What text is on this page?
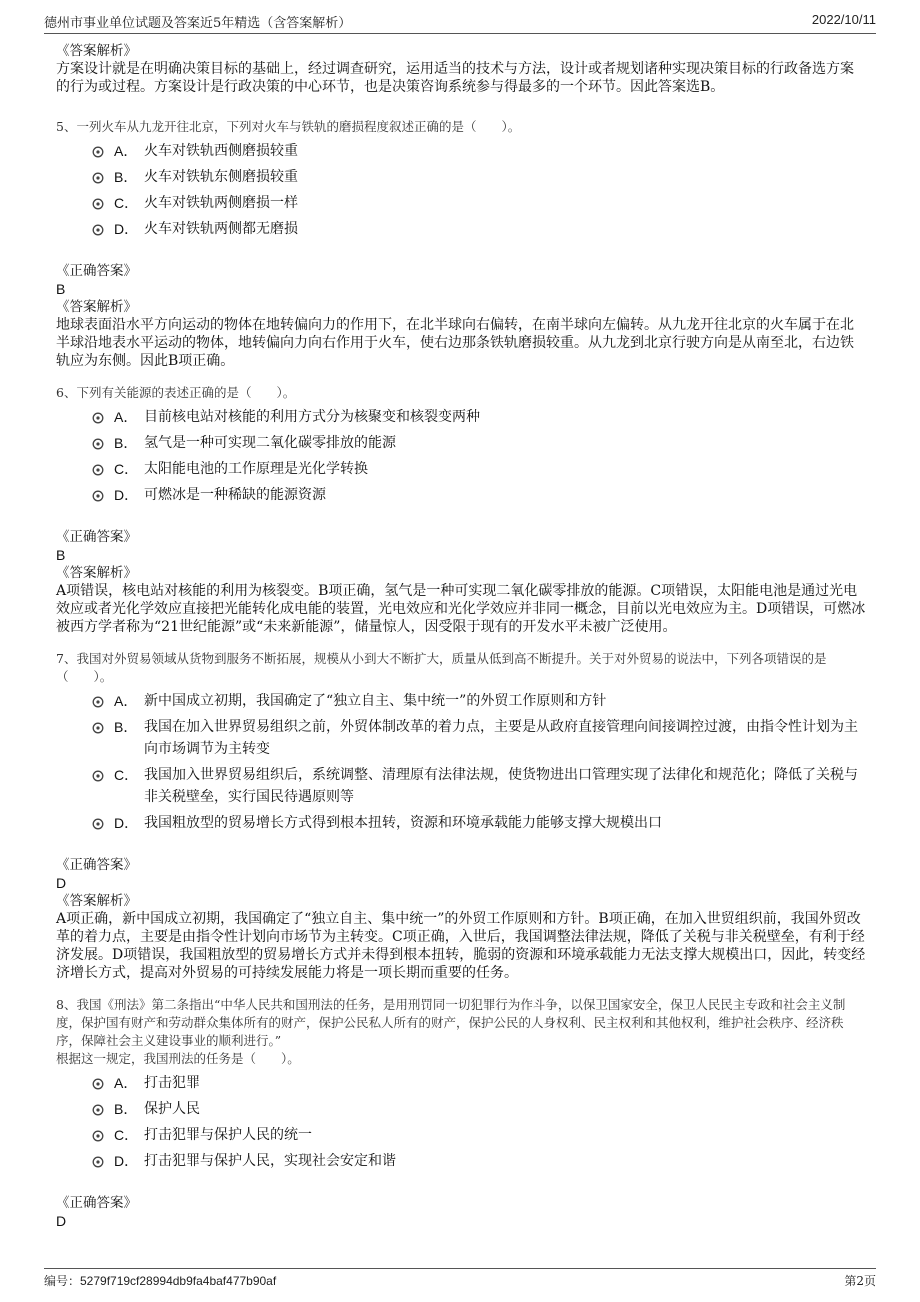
德州市事业单位试题及答案近5年精选（含答案解析）	2022/10/11
《答案解析》

方案设计就是在明确决策目标的基础上，经过调查研究，运用适当的技术与方法，设计或者规划诸种实现决策目标的行政备选方案的行为或过程。方案设计是行政决策的中心环节，也是决策咨询系统参与得最多的一个环节。因此答案选B。

5、一列火车从九龙开往北京，下列对火车与铁轨的磨损程度叙述正确的是（　　）。
A． 火车对铁轨西侧磨损较重
B． 火车对铁轨东侧磨损较重
C． 火车对铁轨两侧磨损一样
D． 火车对铁轨两侧都无磨损
《正确答案》
B
《答案解析》

地球表面沿水平方向运动的物体在地转偏向力的作用下，在北半球向右偏转，在南半球向左偏转。从九龙开往北京的火车属于在北半球沿地表水平运动的物体，地转偏向力向右作用于火车，使右边那条铁轨磨损较重。从九龙到北京行驶方向是从南至北，右边铁轨应为东侧。因此B项正确。

6、下列有关能源的表述正确的是（　　）。
A． 目前核电站对核能的利用方式分为核聚变和核裂变两种
B． 氢气是一种可实现二氧化碳零排放的能源
C． 太阳能电池的工作原理是光化学转换
D． 可燃冰是一种稀缺的能源资源
《正确答案》
B
《答案解析》

A项错误，核电站对核能的利用为核裂变。B项正确，氢气是一种可实现二氧化碳零排放的能源。C项错误，太阳能电池是通过光电效应或者光化学效应直接把光能转化成电能的装置，光电效应和光化学效应并非同一概念，目前以光电效应为主。D项错误，可燃冰被西方学者称为“21世纪能源”或“未来新能源”，储量惊人，因受限于现有的开发水平未被广泛使用。

7、我国对外贸易领域从货物到服务不断拓展，规模从小到大不断扩大，质量从低到高不断提升。关于对外贸易的说法中，下列各项错误的是（　　）。
A． 新中国成立初期，我国确定了“独立自主、集中统一”的外贸工作原则和方针
B． 我国在加入世界贸易组织之前，外贸体制改革的着力点，主要是从政府直接管理向间接调控过渡，由指令性计划为主向市场调节为主转变
C． 我国加入世界贸易组织后，系统调整、清理原有法律法规，使货物进出口管理实现了法律化和规范化；降低了关税与非关税壁垒，实行国民待遇原则等
D． 我国粗放型的贸易增长方式得到根本扭转，资源和环境承载能力能够支撑大规模出口
《正确答案》
D
《答案解析》

A项正确，新中国成立初期，我国确定了“独立自主、集中统一”的外贸工作原则和方针。B项正确，在加入世贸组织前，我国外贸改革的着力点，主要是由指令性计划向市场节为主转变。C项正确，入世后，我国调整法律法规，降低了关税与非关税壁垒，有利于经济发展。D项错误，我国粗放型的贸易增长方式并未得到根本扭转，脆弱的资源和环境承载能力无法支撑大规模出口，因此，转变经济增长方式，提高对外贸易的可持续发展能力将是一项长期而重要的任务。

8、我国《刑法》第二条指出“中华人民共和国刑法的任务，是用刑罚同一切犯罪行为作斗争，以保卫国家安全，保卫人民民主专政和社会主义制度，保护国有财产和劳动群众集体所有的财产，保护公民私人所有的财产，保护公民的人身权利、民主权利和其他权利，维护社会秩序、经济秩序，保障社会主义建设事业的顺利进行。”
根据这一规定，我国刑法的任务是（　　）。
A． 打击犯罪
B． 保护人民
C． 打击犯罪与保护人民的统一
D． 打击犯罪与保护人民，实现社会安定和谐
《正确答案》
D
编号：5279f719cf28994db9fa4baf477b90af	第2页
